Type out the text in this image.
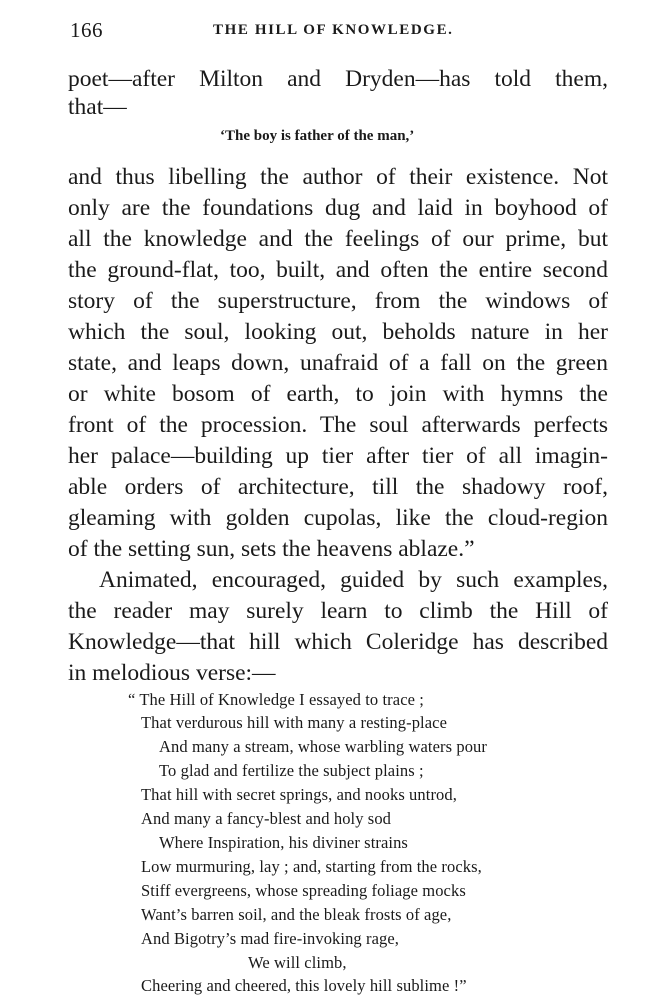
166	THE HILL OF KNOWLEDGE.
poet—after Milton and Dryden—has told them,
that—
‘The boy is father of the man,’
and thus libelling the author of their existence. Not
only are the foundations dug and laid in boyhood of
all the knowledge and the feelings of our prime, but
the ground-flat, too, built, and often the entire second
story of the superstructure, from the windows of
which the soul, looking out, beholds nature in her
state, and leaps down, unafraid of a fall on the green
or white bosom of earth, to join with hymns the
front of the procession. The soul afterwards perfects
her palace—building up tier after tier of all imagin-
able orders of architecture, till the shadowy roof,
gleaming with golden cupolas, like the cloud-region
of the setting sun, sets the heavens ablaze.”
Animated, encouraged, guided by such examples,
the reader may surely learn to climb the Hill of
Knowledge—that hill which Coleridge has described
in melodious verse:—
“ The Hill of Knowledge I essayed to trace ;
That verdurous hill with many a resting-place
And many a stream, whose warbling waters pour
To glad and fertilize the subject plains ;
That hill with secret springs, and nooks untrod,
And many a fancy-blest and holy sod
Where Inspiration, his diviner strains
Low murmuring, lay ; and, starting from the rocks,
Stiff evergreens, whose spreading foliage mocks
Want’s barren soil, and the bleak frosts of age,
And Bigotry’s mad fire-invoking rage,
We will climb,
Cheering and cheered, this lovely hill sublime !”
